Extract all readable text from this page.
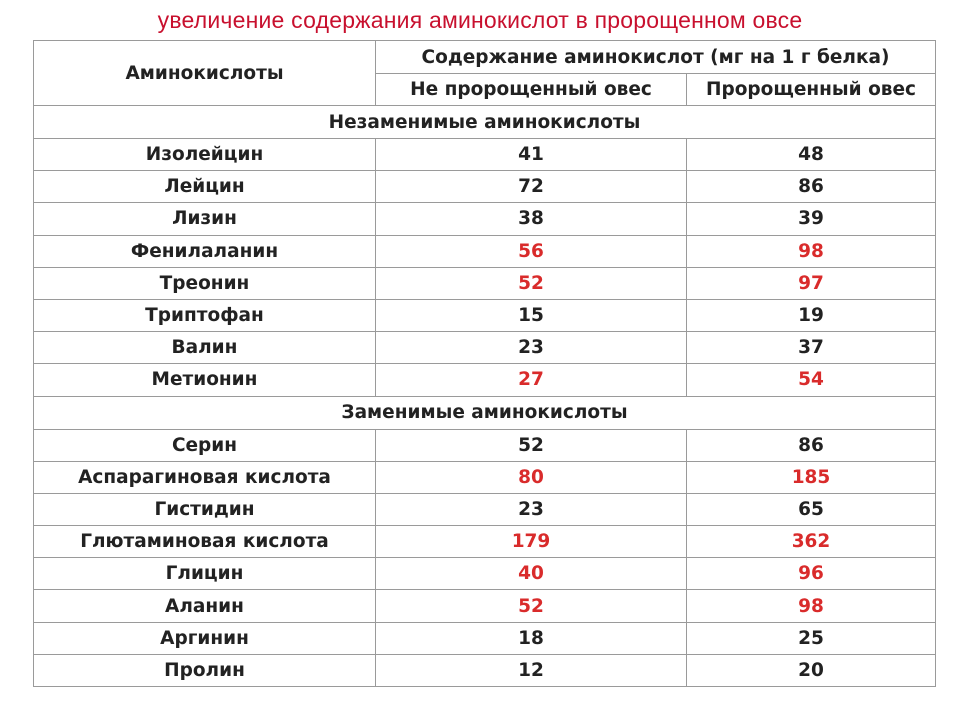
увеличение содержания аминокислот в пророщенном овсе
Аминокислоты	Содержание аминокислот (мг на 1 г белка)	
	Не пророщенный овес	Пророщенный овес
Незаменимые аминокислоты		
Изолейцин	41	48
Лейцин	72	86
Лизин	38	39
Фенилаланин	56	98
Треонин	52	97
Триптофан	15	19
Валин	23	37
Метионин	27	54
Заменимые аминокислоты		
Серин	52	86
Аспарагиновая кислота	80	185
Гистидин	23	65
Глютаминовая кислота	179	362
Глицин	40	96
Аланин	52	98
Аргинин	18	25
Пролин	12	20
